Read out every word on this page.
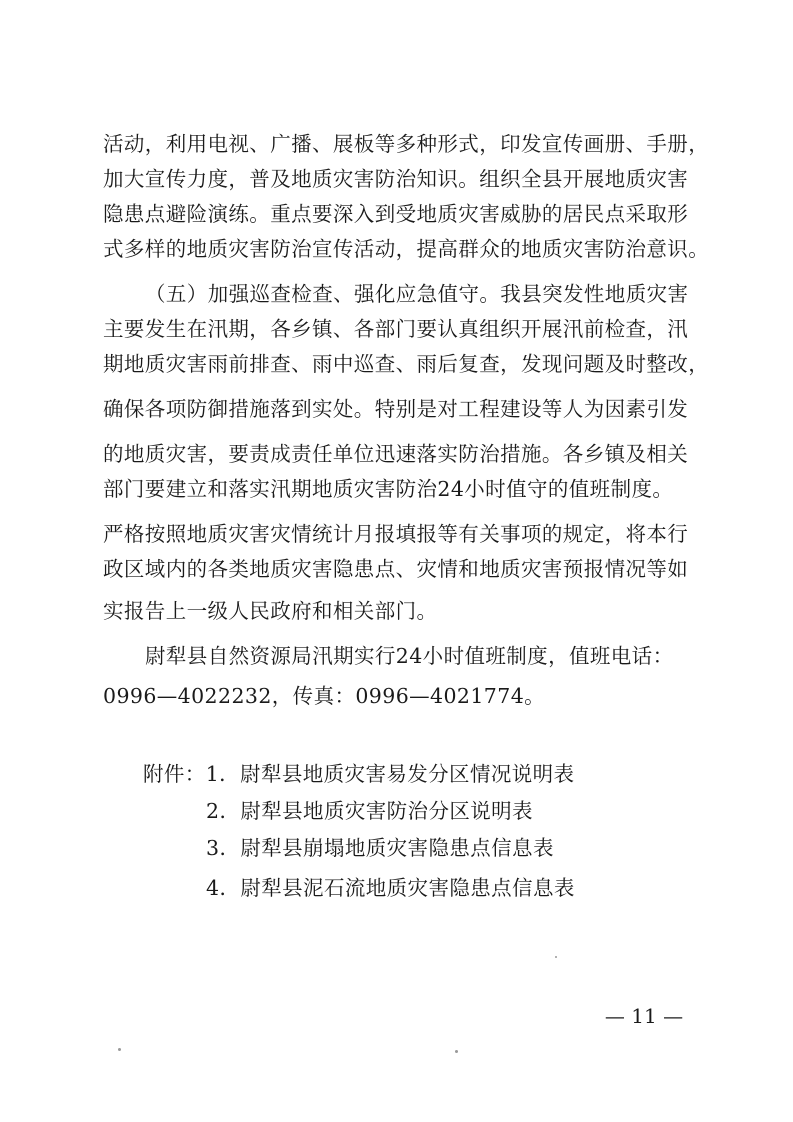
活动，利用电视、广播、展板等多种形式，印发宣传画册、手册，
加大宣传力度，普及地质灾害防治知识。组织全县开展地质灾害
隐患点避险演练。重点要深入到受地质灾害威胁的居民点采取形
式多样的地质灾害防治宣传活动，提高群众的地质灾害防治意识。
（五）加强巡查检查、强化应急值守。我县突发性地质灾害
主要发生在汛期，各乡镇、各部门要认真组织开展汛前检查，汛
期地质灾害雨前排查、雨中巡查、雨后复查，发现问题及时整改，
确保各项防御措施落到实处。特别是对工程建设等人为因素引发
的地质灾害，要责成责任单位迅速落实防治措施。各乡镇及相关
部门要建立和落实汛期地质灾害防治24小时值守的值班制度。
严格按照地质灾害灾情统计月报填报等有关事项的规定，将本行
政区域内的各类地质灾害隐患点、灾情和地质灾害预报情况等如
实报告上一级人民政府和相关部门。
尉犁县自然资源局汛期实行24小时值班制度，值班电话：
0996—4022232，传真：0996—4021774。
附件：1．尉犁县地质灾害易发分区情况说明表
2．尉犁县地质灾害防治分区说明表
3．尉犁县崩塌地质灾害隐患点信息表
4．尉犁县泥石流地质灾害隐患点信息表
— 11 —
